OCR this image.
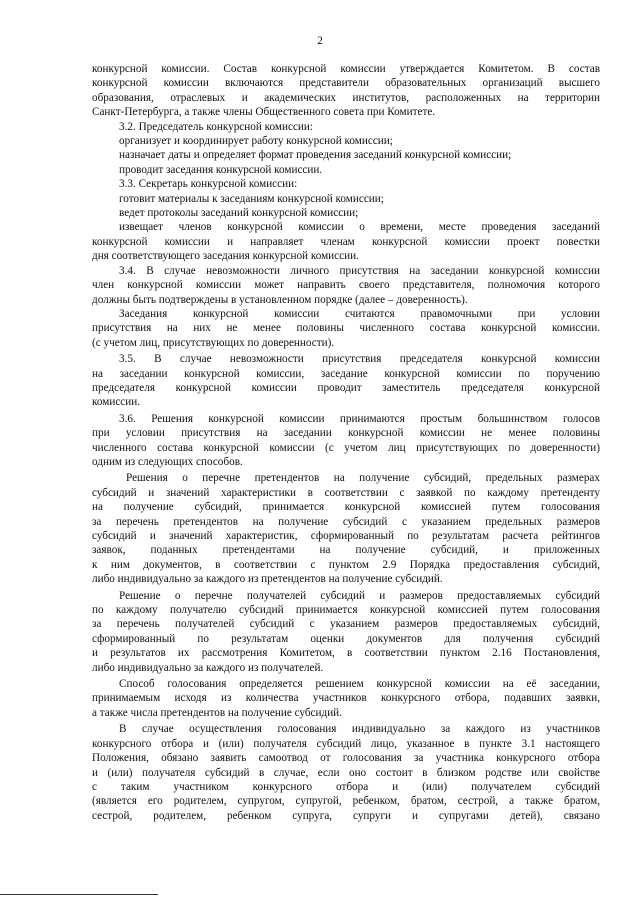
2
конкурсной комиссии. Состав конкурсной комиссии утверждается Комитетом. В состав
конкурсной комиссии включаются представители образовательных организаций высшего
образования, отраслевых и академических институтов, расположенных на территории
Санкт-Петербурга, а также члены Общественного совета при Комитете.
3.2. Председатель конкурсной комиссии:
организует и координирует работу конкурсной комиссии;
назначает даты и определяет формат проведения заседаний конкурсной комиссии;
проводит заседания конкурсной комиссии.
3.3. Секретарь конкурсной комиссии:
готовит материалы к заседаниям конкурсной комиссии;
ведет протоколы заседаний конкурсной комиссии;
извещает членов конкурсной комиссии о времени, месте проведения заседаний
конкурсной комиссии и направляет членам конкурсной комиссии проект повестки
дня соответствующего заседания конкурсной комиссии.
3.4. В случае невозможности личного присутствия на заседании конкурсной комиссии
член конкурсной комиссии может направить своего представителя, полномочия которого
должны быть подтверждены в установленном порядке (далее – доверенность).
Заседания конкурсной комиссии считаются правомочными при условии
присутствия на них не менее половины численного состава конкурсной комиссии.
(с учетом лиц, присутствующих по доверенности).
3.5. В случае невозможности присутствия председателя конкурсной комиссии
на заседании конкурсной комиссии, заседание конкурсной комиссии по поручению
председателя конкурсной комиссии проводит заместитель председателя конкурсной
комиссии.
3.6. Решения конкурсной комиссии принимаются простым большинством голосов
при условии присутствия на заседании конкурсной комиссии не менее половины
численного состава конкурсной комиссии (с учетом лиц присутствующих по доверенности)
одним из следующих способов.
Решения о перечне претендентов на получение субсидий, предельных размерах
субсидий и значений характеристики в соответствии с заявкой по каждому претенденту
на получение субсидий, принимается конкурсной комиссией путем голосования
за перечень претендентов на получение субсидий с указанием предельных размеров
субсидий и значений характеристик, сформированный по результатам расчета рейтингов
заявок, поданных претендентами на получение субсидий, и приложенных
к ним документов, в соответствии с пунктом 2.9 Порядка предоставления субсидий,
либо индивидуально за каждого из претендентов на получение субсидий.
Решение о перечне получателей субсидий и размеров предоставляемых субсидий
по каждому получателю субсидий принимается конкурсной комиссией путем голосования
за перечень получателей субсидий с указанием размеров предоставляемых субсидий,
сформированный по результатам оценки документов для получения субсидий
и результатов их рассмотрения Комитетом, в соответствии пунктом 2.16 Постановления,
либо индивидуально за каждого из получателей.
Способ голосования определяется решением конкурсной комиссии на её заседании,
принимаемым исходя из количества участников конкурсного отбора, подавших заявки,
а также числа претендентов на получение субсидий.
В случае осуществления голосования индивидуально за каждого из участников
конкурсного отбора и (или) получателя субсидий лицо, указанное в пункте 3.1 настоящего
Положения, обязано заявить самоотвод от голосования за участника конкурсного отбора
и (или) получателя субсидий в случае, если оно состоит в близком родстве или свойстве
с таким участником конкурсного отбора и (или) получателем субсидий
(является его родителем, супругом, супругой, ребенком, братом, сестрой, а также братом,
сестрой, родителем, ребенком супруга, супруги и супругами детей), связано
